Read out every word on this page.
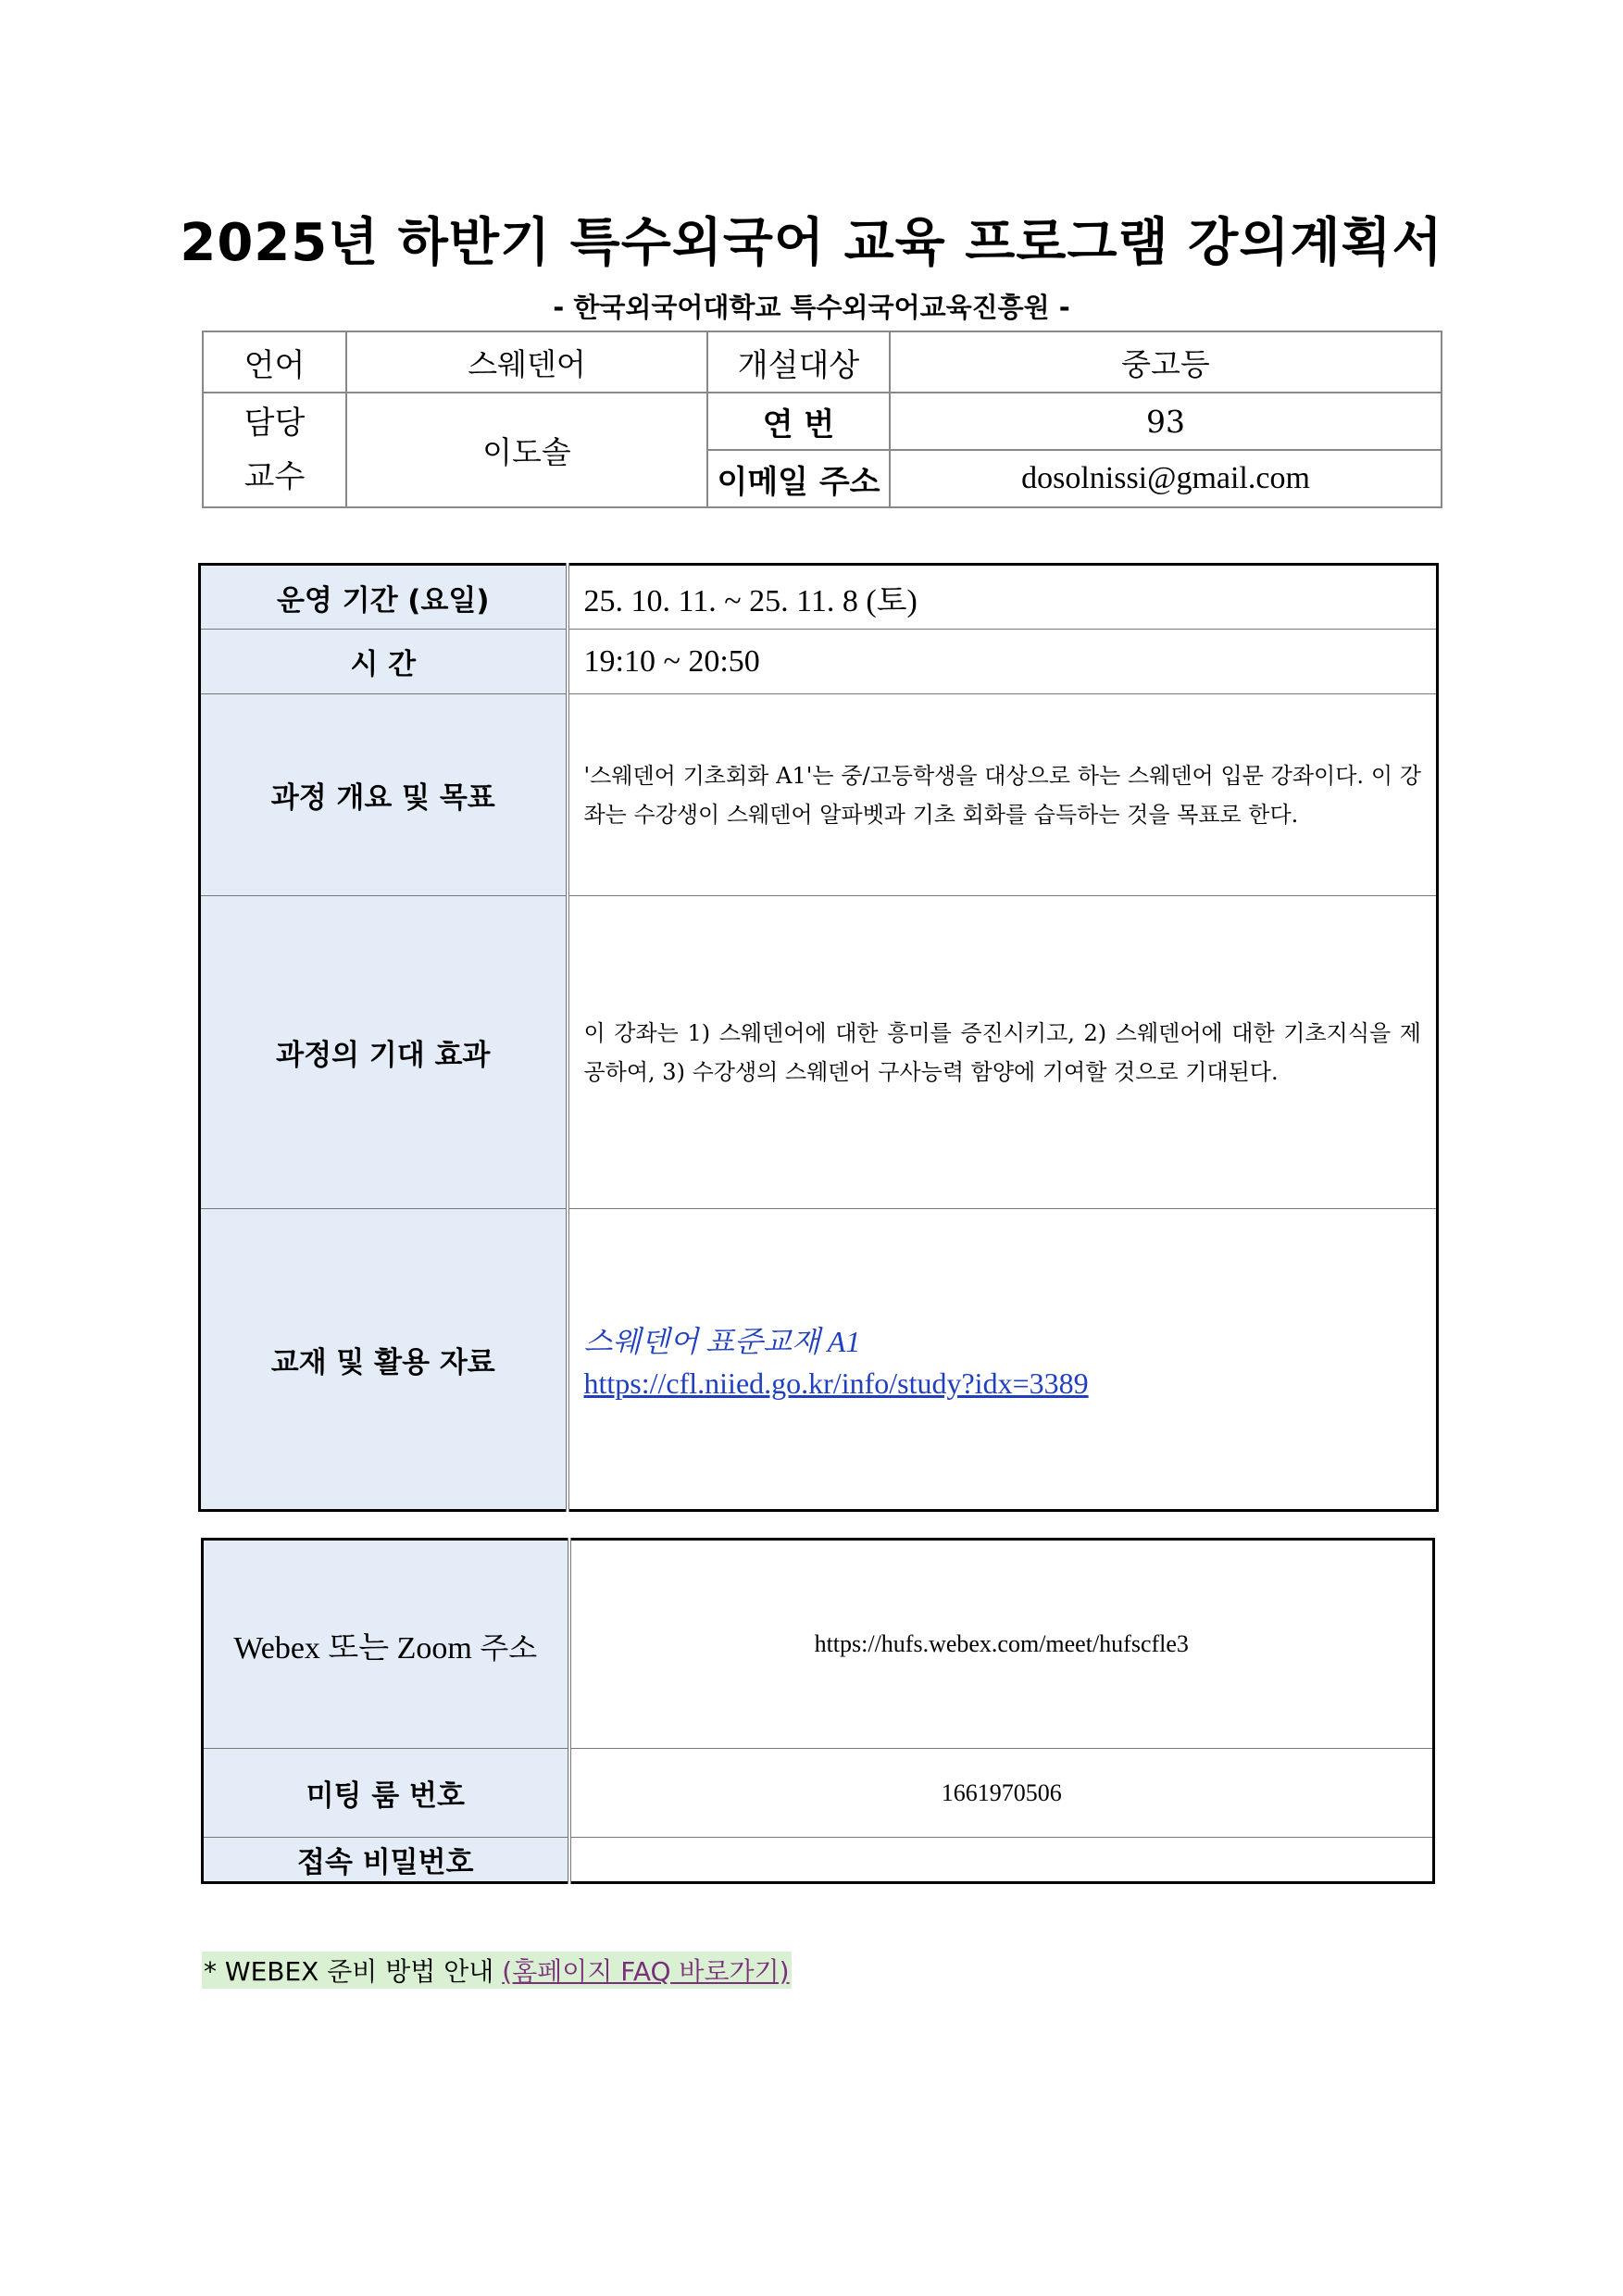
2025년 하반기 특수외국어 교육 프로그램 강의계획서
- 한국외국어대학교 특수외국어교육진흥원 -
언어	스웨덴어	개설대상	중고등
담당
교수	이도솔	연 번	93
		이메일 주소	dosolnissi@gmail.com
운영 기간 (요일)	25. 10. 11. ~ 25. 11. 8 (토)
시 간	19:10 ~ 20:50
과정 개요 및 목표	'스웨덴어 기초회화 A1'는 중/고등학생을 대상으로 하는 스웨덴어 입문 강좌이다. 이 강좌는 수강생이 스웨덴어 알파벳과 기초 회화를 습득하는 것을 목표로 한다.
과정의 기대 효과	이 강좌는 1) 스웨덴어에 대한 흥미를 증진시키고, 2) 스웨덴어에 대한 기초지식을 제공하여, 3) 수강생의 스웨덴어 구사능력 함양에 기여할 것으로 기대된다.
교재 및 활용 자료	스웨덴어 표준교재 A1
https://cfl.niied.go.kr/info/study?idx=3389
Webex 또는 Zoom 주소	https://hufs.webex.com/meet/hufscfle3
미팅 룸 번호	1661970506
접속 비밀번호	
* WEBEX 준비 방법 안내 (홈페이지 FAQ 바로가기)
